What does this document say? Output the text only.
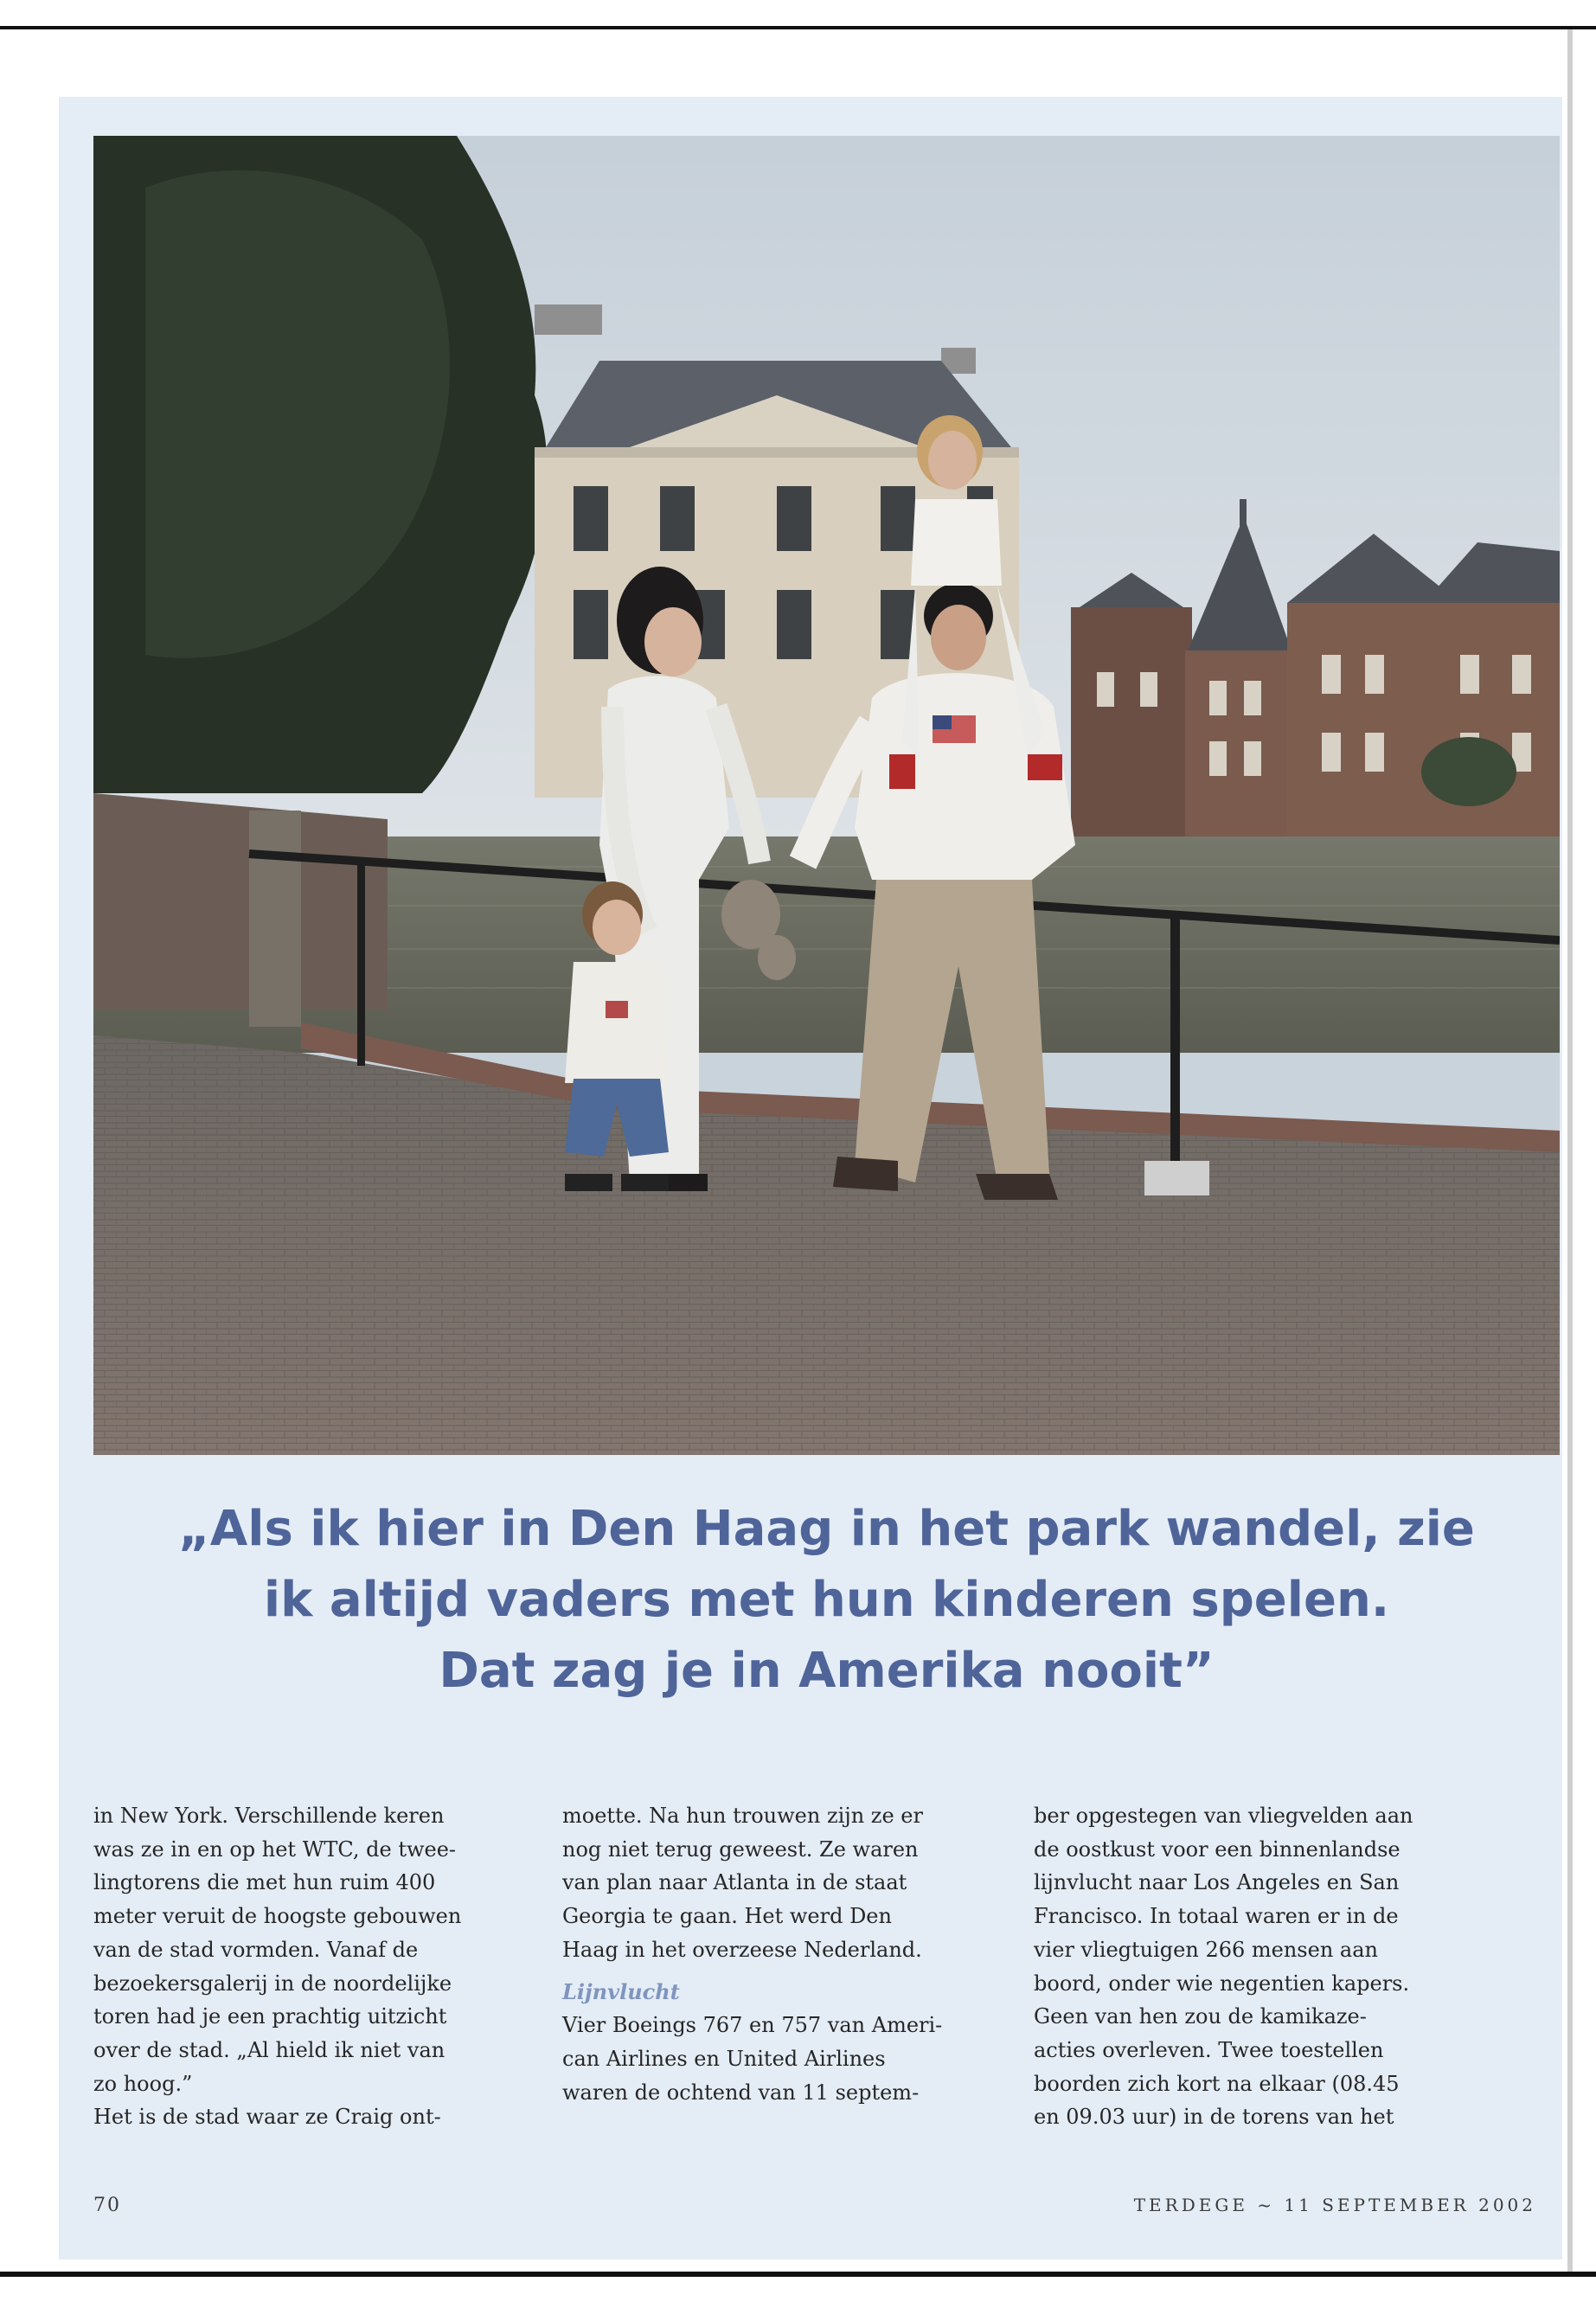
„Als ik hier in Den Haag in het park wandel, zie
ik altijd vaders met hun kinderen spelen.
Dat zag je in Amerika nooit”

in New York. Verschillende keren
was ze in en op het WTC, de twee-
lingtorens die met hun ruim 400
meter veruit de hoogste gebouwen
van de stad vormden. Vanaf de
bezoekersgalerij in de noordelijke
toren had je een prachtig uitzicht
over de stad. „Al hield ik niet van
zo hoog.”
Het is de stad waar ze Craig ont-

moette. Na hun trouwen zijn ze er
nog niet terug geweest. Ze waren
van plan naar Atlanta in de staat
Georgia te gaan. Het werd Den
Haag in het overzeese Nederland.

Lijnvlucht

Vier Boeings 767 en 757 van Ameri-
can Airlines en United Airlines
waren de ochtend van 11 septem-

ber opgestegen van vliegvelden aan
de oostkust voor een binnenlandse
lijnvlucht naar Los Angeles en San
Francisco. In totaal waren er in de
vier vliegtuigen 266 mensen aan
boord, onder wie negentien kapers.
Geen van hen zou de kamikaze-
acties overleven. Twee toestellen
boorden zich kort na elkaar (08.45
en 09.03 uur) in de torens van het

70	TERDEGE ~ 11 SEPTEMBER 2002
